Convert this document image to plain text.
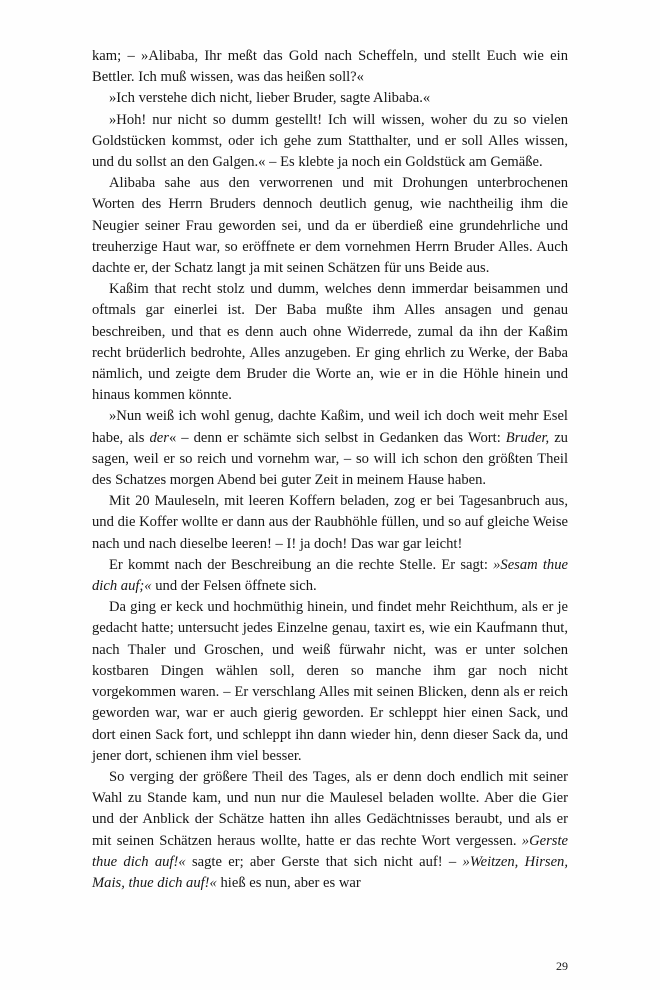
kam; – »Alibaba, Ihr meßt das Gold nach Scheffeln, und stellt Euch wie ein Bettler. Ich muß wissen, was das heißen soll?«

»Ich verstehe dich nicht, lieber Bruder, sagte Alibaba.«

»Hoh! nur nicht so dumm gestellt! Ich will wissen, woher du zu so vielen Goldstücken kommst, oder ich gehe zum Statthalter, und er soll Alles wissen, und du sollst an den Galgen.« – Es klebte ja noch ein Goldstück am Gemäße.

Alibaba sahe aus den verworrenen und mit Drohungen unterbrochenen Worten des Herrn Bruders dennoch deutlich genug, wie nachtheilig ihm die Neugier seiner Frau geworden sei, und da er überdieß eine grundehrliche und treuherzige Haut war, so eröffnete er dem vornehmen Herrn Bruder Alles. Auch dachte er, der Schatz langt ja mit seinen Schätzen für uns Beide aus.

Kaßim that recht stolz und dumm, welches denn immerdar beisammen und oftmals gar einerlei ist. Der Baba mußte ihm Alles ansagen und genau beschreiben, und that es denn auch ohne Widerrede, zumal da ihn der Kaßim recht brüderlich bedrohte, Alles anzugeben. Er ging ehrlich zu Werke, der Baba nämlich, und zeigte dem Bruder die Worte an, wie er in die Höhle hinein und hinaus kommen könnte.

»Nun weiß ich wohl genug, dachte Kaßim, und weil ich doch weit mehr Esel habe, als der« – denn er schämte sich selbst in Gedanken das Wort: Bruder, zu sagen, weil er so reich und vornehm war, – so will ich schon den größten Theil des Schatzes morgen Abend bei guter Zeit in meinem Hause haben.

Mit 20 Mauleseln, mit leeren Koffern beladen, zog er bei Tagesanbruch aus, und die Koffer wollte er dann aus der Raubhöhle füllen, und so auf gleiche Weise nach und nach dieselbe leeren! – I! ja doch! Das war gar leicht!

Er kommt nach der Beschreibung an die rechte Stelle. Er sagt: »Sesam thue dich auf;« und der Felsen öffnete sich.

Da ging er keck und hochmüthig hinein, und findet mehr Reichthum, als er je gedacht hatte; untersucht jedes Einzelne genau, taxirt es, wie ein Kaufmann thut, nach Thaler und Groschen, und weiß fürwahr nicht, was er unter solchen kostbaren Dingen wählen soll, deren so manche ihm gar noch nicht vorgekommen waren. – Er verschlang Alles mit seinen Blicken, denn als er reich geworden war, war er auch gierig geworden. Er schleppt hier einen Sack, und dort einen Sack fort, und schleppt ihn dann wieder hin, denn dieser Sack da, und jener dort, schienen ihm viel besser.

So verging der größere Theil des Tages, als er denn doch endlich mit seiner Wahl zu Stande kam, und nun nur die Maulesel beladen wollte. Aber die Gier und der Anblick der Schätze hatten ihn alles Gedächtnisses beraubt, und als er mit seinen Schätzen heraus wollte, hatte er das rechte Wort vergessen. »Gerste thue dich auf!« sagte er; aber Gerste that sich nicht auf! – »Weitzen, Hirsen, Mais, thue dich auf!« hieß es nun, aber es war

29
